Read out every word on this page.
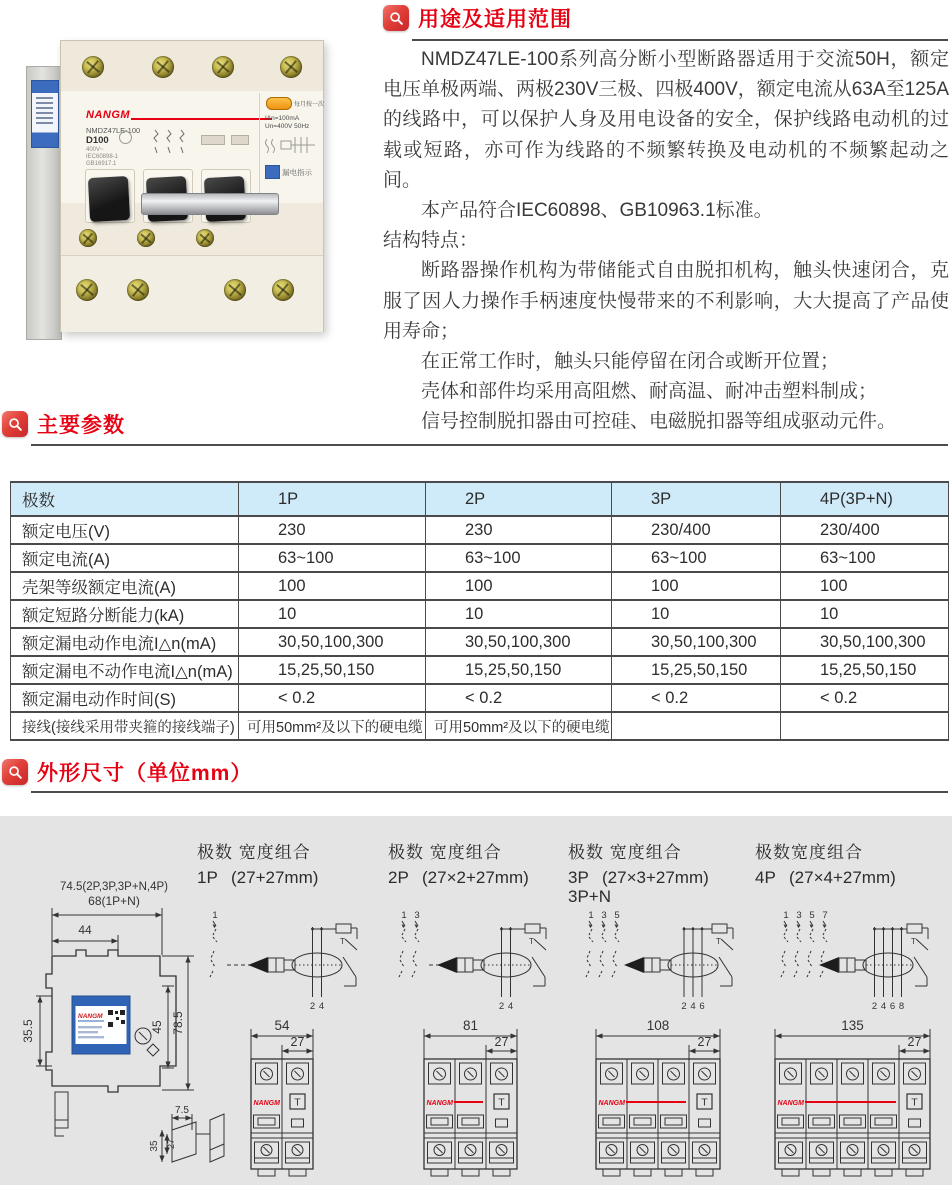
NANGM
NMDZ47LE-100
D100
400V~
IEC60898-1
GB16917.1
每月按一次
IΔn=100mA
Un=400V 50Hz
漏电指示
用途及适用范围

NMDZ47LE-100系列高分断小型断路器适用于交流50H，额定电压单极两端、两极230V三极、四极400V，额定电流从63A至125A的线路中，可以保护人身及用电设备的安全，保护线路电动机的过载或短路，亦可作为线路的不频繁转换及电动机的不频繁起动之间。

本产品符合IEC60898、GB10963.1标准。

结构特点：

断路器操作机构为带储能式自由脱扣机构，触头快速闭合，克服了因人力操作手柄速度快慢带来的不利影响，大大提高了产品使用寿命；

在正常工作时，触头只能停留在闭合或断开位置；

壳体和部件均采用高阻燃、耐高温、耐冲击塑料制成；

信号控制脱扣器由可控硅、电磁脱扣器等组成驱动元件。

主要参数
极数	1P	2P	3P	4P(3P+N)
额定电压(V)	230	230	230/400	230/400
额定电流(A)	63~100	63~100	63~100	63~100
壳架等级额定电流(A)	100	100	100	100
额定短路分断能力(kA)	10	10	10	10
额定漏电动作电流I△n(mA)	30,50,100,300	30,50,100,300	30,50,100,300	30,50,100,300
额定漏电不动作电流I△n(mA)	15,25,50,150	15,25,50,150	15,25,50,150	15,25,50,150
额定漏电动作时间(S)	< 0.2	< 0.2	< 0.2	< 0.2
接线(接线采用带夹箍的接线端子)	可用50mm²及以下的硬电缆	可用50mm²及以下的硬电缆		
外形尺寸（单位mm）
74.5(2P,3P,3P+N,4P)
68(1P+N)
44
NANGM
35.5	45 78.5
7.5
35 27
极数 宽度组合
1P (27+27mm)
1
2 4
T
54
27
NANGM T
极数 宽度组合
2P (27×2+27mm)
1 3
2 4
T
81
27
NANGM	T
极数 宽度组合
3P (27×3+27mm)
3P+N
1 3 5
2 4 6
T
108
27
NANGM	T
极数宽度组合
4P (27×4+27mm)
1 3 5 7
2 4 6 8
T
135
27
NANGM	T
